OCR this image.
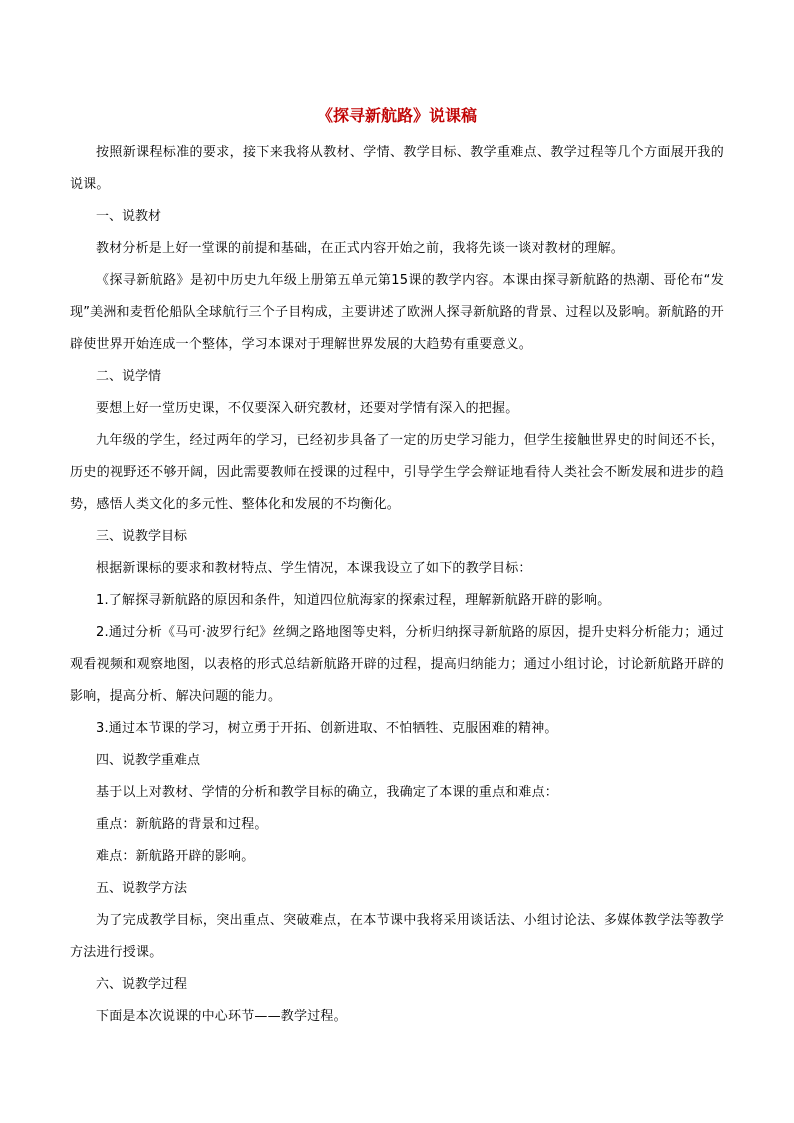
《探寻新航路》说课稿

按照新课程标准的要求，接下来我将从教材、学情、教学目标、教学重难点、教学过程等几个方面展开我的说课。

一、说教材

教材分析是上好一堂课的前提和基础，在正式内容开始之前，我将先谈一谈对教材的理解。

《探寻新航路》是初中历史九年级上册第五单元第15课的教学内容。本课由探寻新航路的热潮、哥伦布“发现”美洲和麦哲伦船队全球航行三个子目构成，主要讲述了欧洲人探寻新航路的背景、过程以及影响。新航路的开辟使世界开始连成一个整体，学习本课对于理解世界发展的大趋势有重要意义。

二、说学情

要想上好一堂历史课，不仅要深入研究教材，还要对学情有深入的把握。

九年级的学生，经过两年的学习，已经初步具备了一定的历史学习能力，但学生接触世界史的时间还不长，历史的视野还不够开阔，因此需要教师在授课的过程中，引导学生学会辩证地看待人类社会不断发展和进步的趋势，感悟人类文化的多元性、整体化和发展的不均衡化。

三、说教学目标

根据新课标的要求和教材特点、学生情况，本课我设立了如下的教学目标：

1.了解探寻新航路的原因和条件，知道四位航海家的探索过程，理解新航路开辟的影响。

2.通过分析《马可·波罗行纪》丝绸之路地图等史料，分析归纳探寻新航路的原因，提升史料分析能力；通过观看视频和观察地图，以表格的形式总结新航路开辟的过程，提高归纳能力；通过小组讨论，讨论新航路开辟的影响，提高分析、解决问题的能力。

3.通过本节课的学习，树立勇于开拓、创新进取、不怕牺牲、克服困难的精神。

四、说教学重难点

基于以上对教材、学情的分析和教学目标的确立，我确定了本课的重点和难点：

重点：新航路的背景和过程。

难点：新航路开辟的影响。

五、说教学方法

为了完成教学目标，突出重点、突破难点，在本节课中我将采用谈话法、小组讨论法、多媒体教学法等教学方法进行授课。

六、说教学过程

下面是本次说课的中心环节——教学过程。
